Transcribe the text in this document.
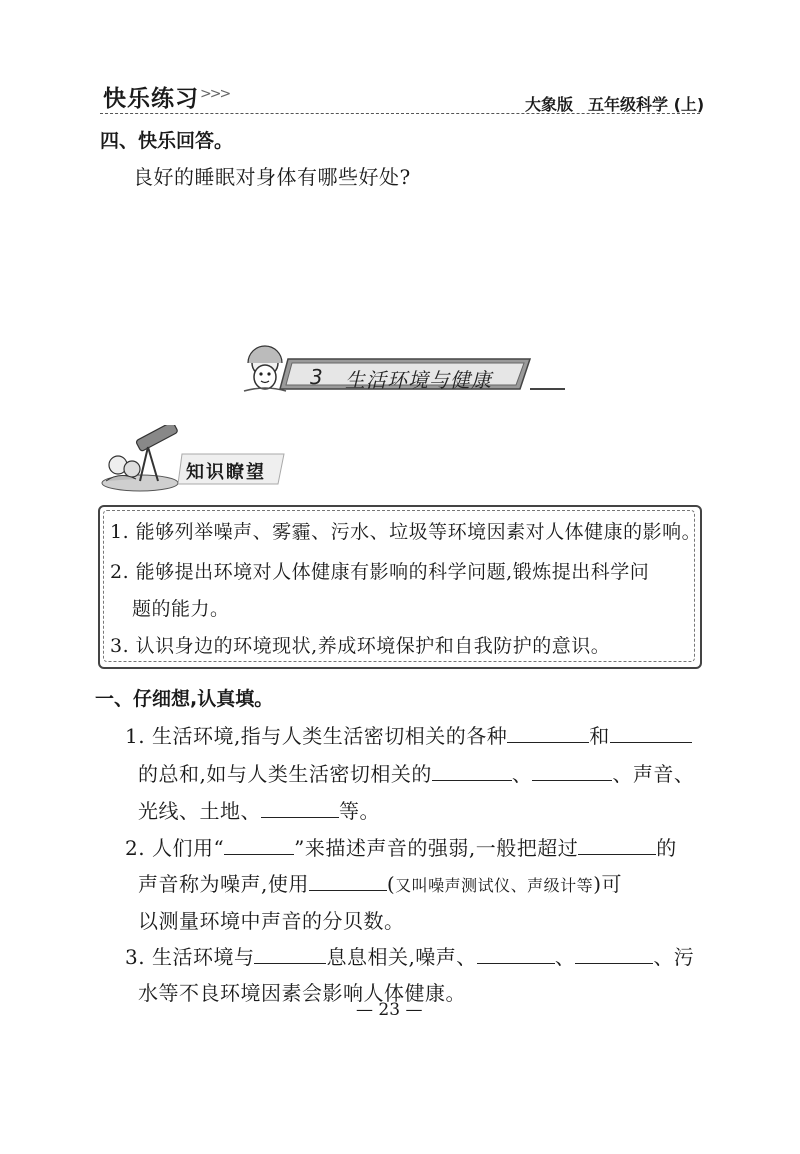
快乐练习 >>>
大象版 五年级科学 (上)
四、快乐回答。
良好的睡眠对身体有哪些好处?
3 生活环境与健康
知识瞭望
1. 能够列举噪声、雾霾、污水、垃圾等环境因素对人体健康的影响。
2. 能够提出环境对人体健康有影响的科学问题,锻炼提出科学问
题的能力。
3. 认识身边的环境现状,养成环境保护和自我防护的意识。
一、仔细想,认真填。
1. 生活环境,指与人类生活密切相关的各种	和
的总和,如与人类生活密切相关的	、	、声音、
光线、土地、	等。
2. 人们用“	”来描述声音的强弱,一般把超过	的
声音称为噪声,使用	(又叫噪声测试仪、声级计等)可
以测量环境中声音的分贝数。
3. 生活环境与	息息相关,噪声、	、	、污
水等不良环境因素会影响人体健康。
— 23 —
